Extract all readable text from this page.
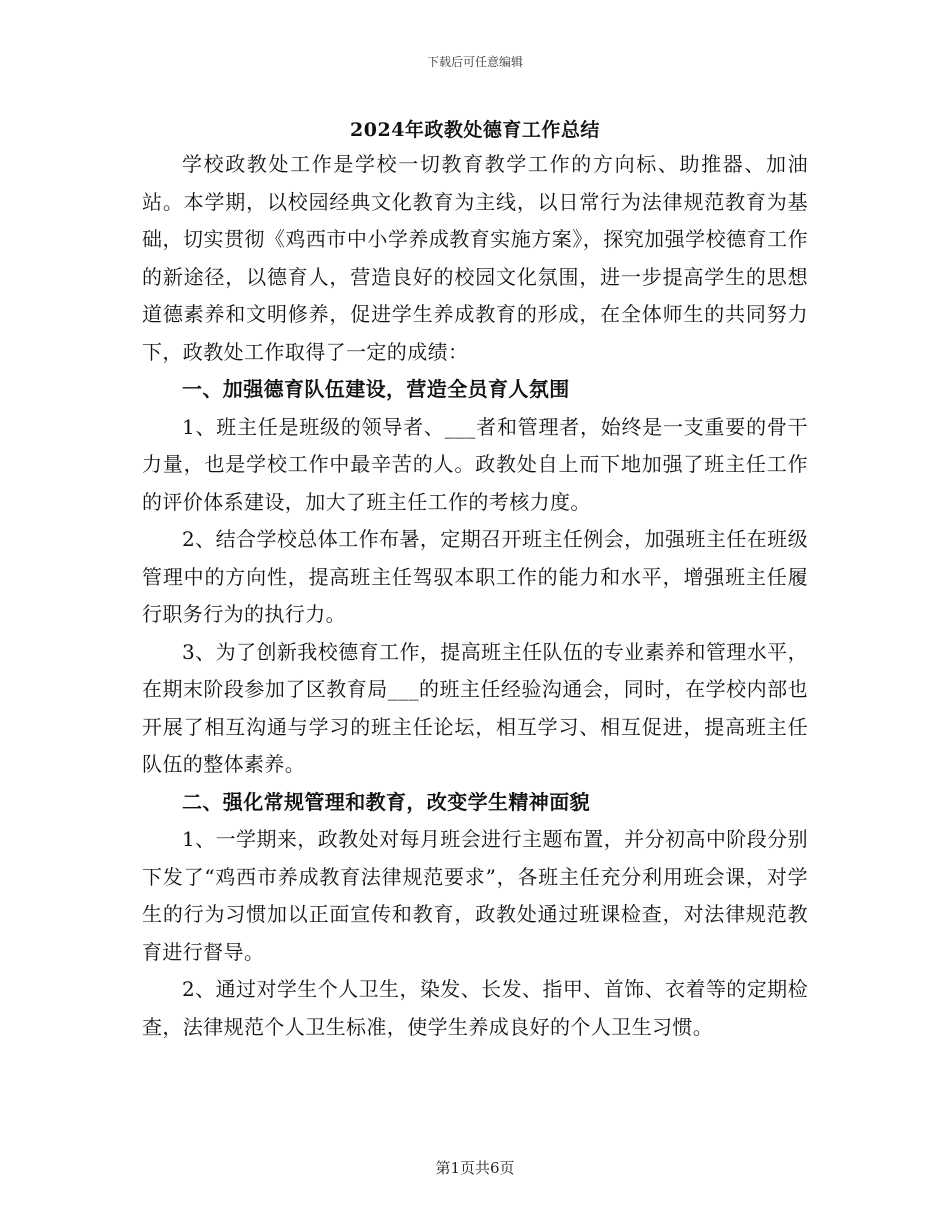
下载后可任意编辑
2024年政教处德育工作总结

学校政教处工作是学校一切教育教学工作的方向标、助推器、加油站。本学期，以校园经典文化教育为主线，以日常行为法律规范教育为基础，切实贯彻《鸡西市中小学养成教育实施方案》，探究加强学校德育工作的新途径，以德育人，营造良好的校园文化氛围，进一步提高学生的思想道德素养和文明修养，促进学生养成教育的形成，在全体师生的共同努力下，政教处工作取得了一定的成绩：

一、加强德育队伍建设，营造全员育人氛围

1、班主任是班级的领导者、___者和管理者，始终是一支重要的骨干力量，也是学校工作中最辛苦的人。政教处自上而下地加强了班主任工作的评价体系建设，加大了班主任工作的考核力度。

2、结合学校总体工作布暑，定期召开班主任例会，加强班主任在班级管理中的方向性，提高班主任驾驭本职工作的能力和水平，增强班主任履行职务行为的执行力。

3、为了创新我校德育工作，提高班主任队伍的专业素养和管理水平，在期末阶段参加了区教育局___的班主任经验沟通会，同时，在学校内部也开展了相互沟通与学习的班主任论坛，相互学习、相互促进，提高班主任队伍的整体素养。

二、强化常规管理和教育，改变学生精神面貌

1、一学期来，政教处对每月班会进行主题布置，并分初高中阶段分别下发了“鸡西市养成教育法律规范要求”，各班主任充分利用班会课，对学生的行为习惯加以正面宣传和教育，政教处通过班课检查，对法律规范教育进行督导。

2、通过对学生个人卫生，染发、长发、指甲、首饰、衣着等的定期检查，法律规范个人卫生标准，使学生养成良好的个人卫生习惯。

第1页共6页
